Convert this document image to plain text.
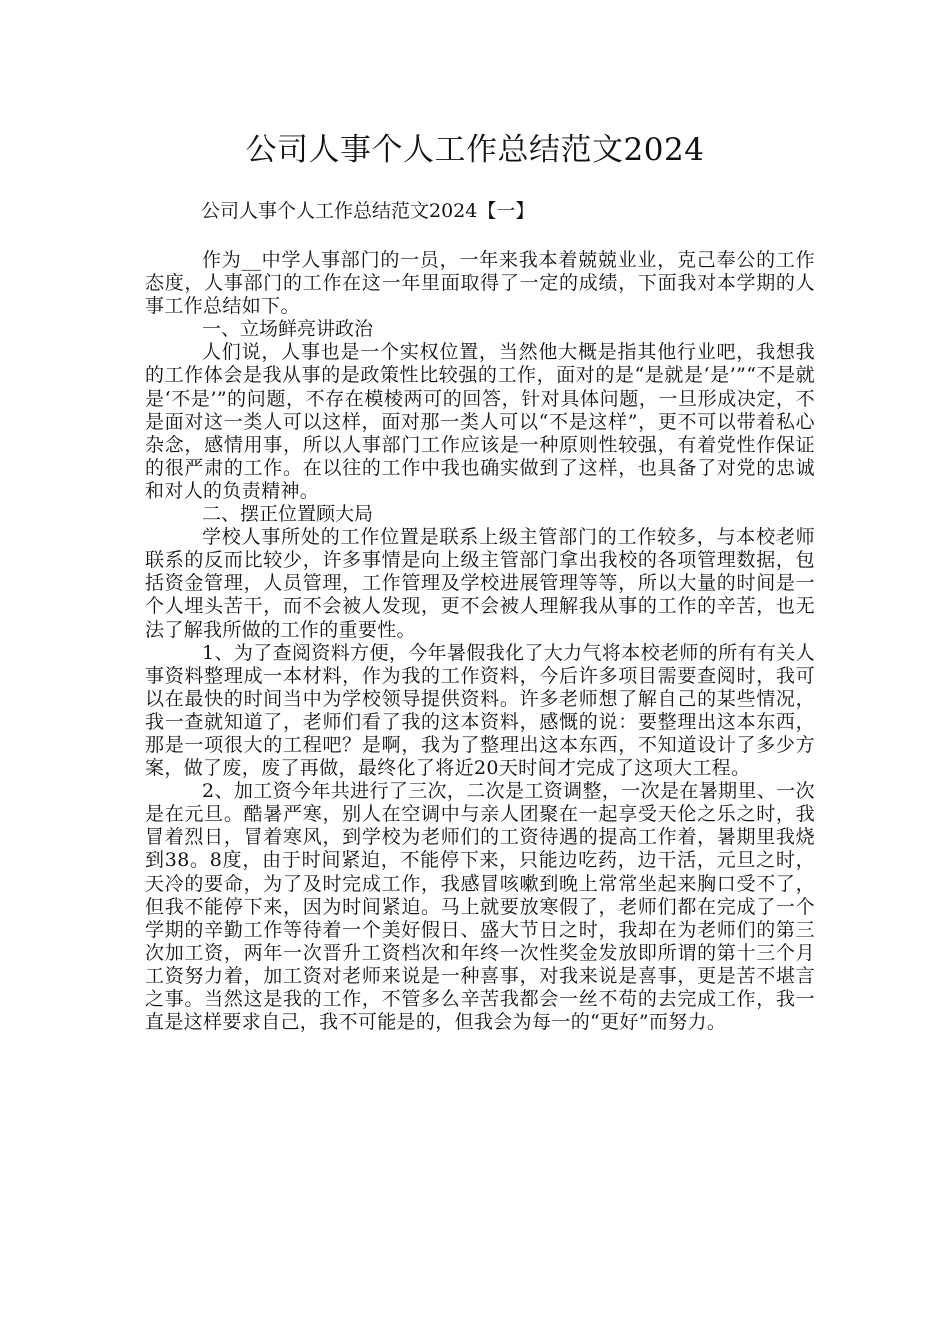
公司人事个人工作总结范文2024
公司人事个人工作总结范文2024【一】

作为__中学人事部门的一员，一年来我本着兢兢业业，克己奉公的工作态度，人事部门的工作在这一年里面取得了一定的成绩，下面我对本学期的人事工作总结如下。

一、立场鲜亮讲政治

人们说，人事也是一个实权位置，当然他大概是指其他行业吧，我想我的工作体会是我从事的是政策性比较强的工作，面对的是“是就是‘是’”“不是就是‘不是’”的问题，不存在模棱两可的回答，针对具体问题，一旦形成决定，不是面对这一类人可以这样，面对那一类人可以“不是这样”，更不可以带着私心杂念，感情用事，所以人事部门工作应该是一种原则性较强，有着党性作保证的很严肃的工作。在以往的工作中我也确实做到了这样，也具备了对党的忠诚和对人的负责精神。

二、摆正位置顾大局

学校人事所处的工作位置是联系上级主管部门的工作较多，与本校老师联系的反而比较少，许多事情是向上级主管部门拿出我校的各项管理数据，包括资金管理，人员管理，工作管理及学校进展管理等等，所以大量的时间是一个人埋头苦干，而不会被人发现，更不会被人理解我从事的工作的辛苦，也无法了解我所做的工作的重要性。

1、为了查阅资料方便，今年暑假我化了大力气将本校老师的所有有关人事资料整理成一本材料，作为我的工作资料，今后许多项目需要查阅时，我可以在最快的时间当中为学校领导提供资料。许多老师想了解自己的某些情况，我一查就知道了，老师们看了我的这本资料，感慨的说：要整理出这本东西，那是一项很大的工程吧？是啊，我为了整理出这本东西，不知道设计了多少方案，做了废，废了再做，最终化了将近20天时间才完成了这项大工程。

2、加工资今年共进行了三次，二次是工资调整，一次是在暑期里、一次是在元旦。酷暑严寒，别人在空调中与亲人团聚在一起享受天伦之乐之时，我冒着烈日，冒着寒风，到学校为老师们的工资待遇的提高工作着，暑期里我烧到38。8度，由于时间紧迫，不能停下来，只能边吃药，边干活，元旦之时，天冷的要命，为了及时完成工作，我感冒咳嗽到晚上常常坐起来胸口受不了，但我不能停下来，因为时间紧迫。马上就要放寒假了，老师们都在完成了一个学期的辛勤工作等待着一个美好假日、盛大节日之时，我却在为老师们的第三次加工资，两年一次晋升工资档次和年终一次性奖金发放即所谓的第十三个月工资努力着，加工资对老师来说是一种喜事，对我来说是喜事，更是苦不堪言之事。当然这是我的工作，不管多么辛苦我都会一丝不苟的去完成工作，我一直是这样要求自己，我不可能是的，但我会为每一的“更好”而努力。
